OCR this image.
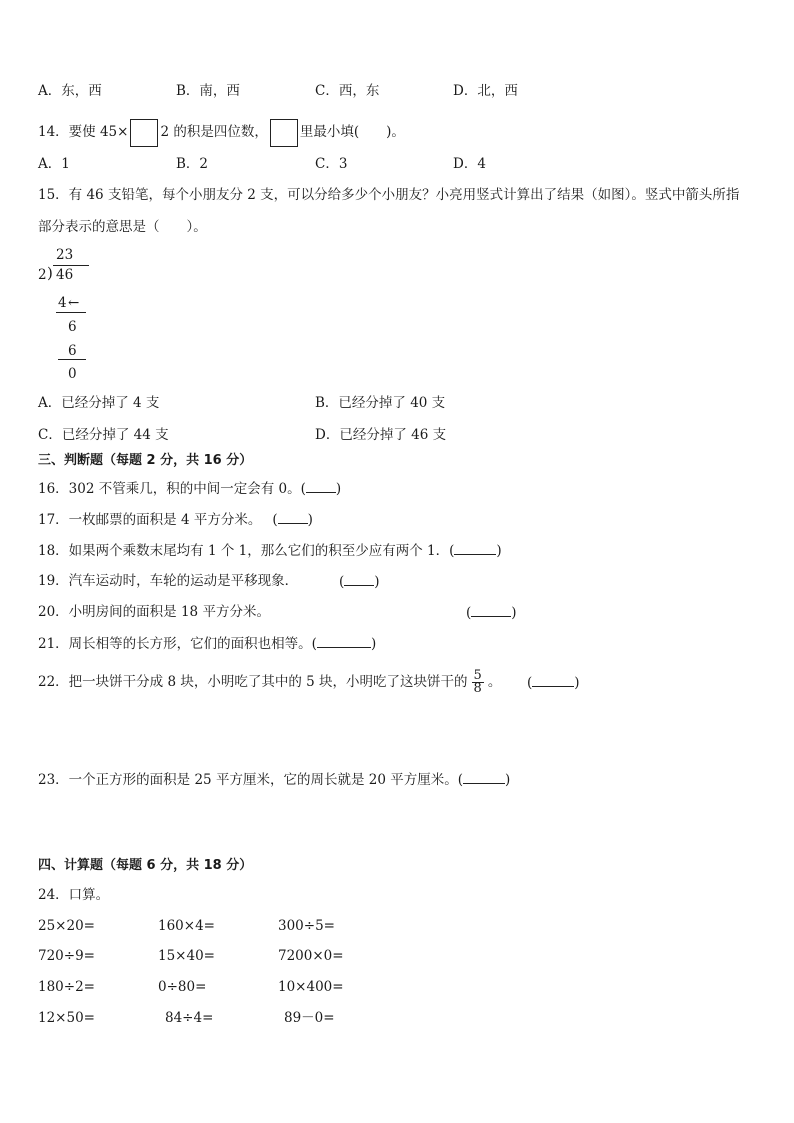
A．东，西	B．南，西	C．西，东	D．北，西
14．要使 45× 2 的积是四位数， 里最小填(　　)。
A．1	B．2	C．3	D．4
15．有 46 支铅笔，每个小朋友分 2 支，可以分给多少个小朋友？小亮用竖式计算出了结果（如图）。竖式中箭头所指
部分表示的意思是（　　）。
23
2 ) 46
4 ←
6
6
0
A．已经分掉了 4 支	B．已经分掉了 40 支
C．已经分掉了 44 支	D．已经分掉了 46 支
三、判断题（每题 2 分，共 16 分）
16．302 不管乘几，积的中间一定会有 0。( )
17．一枚邮票的面积是 4 平方分米。　 ( )
18．如果两个乘数末尾均有 1 个 1，那么它们的积至少应有两个 1．(	)
19．汽车运动时，车轮的运动是平移现象．	( )
20．小明房间的面积是 18 平方分米。	(	)
21．周长相等的长方形，它们的面积也相等。(	)
22．把一块饼干分成 8 块，小明吃了其中的 5 块，小明吃了这块饼干的 $\frac{5}{8}$ 。 (	)
23．一个正方形的面积是 25 平方厘米，它的周长就是 20 平方厘米。(	)
四、计算题（每题 6 分，共 18 分）
24．口算。
25×20=	160×4=	300÷5=
720÷9=	15×40=	7200×0=
180÷2=	0÷80=	10×400=
12×50=	84÷4=	89－0=
